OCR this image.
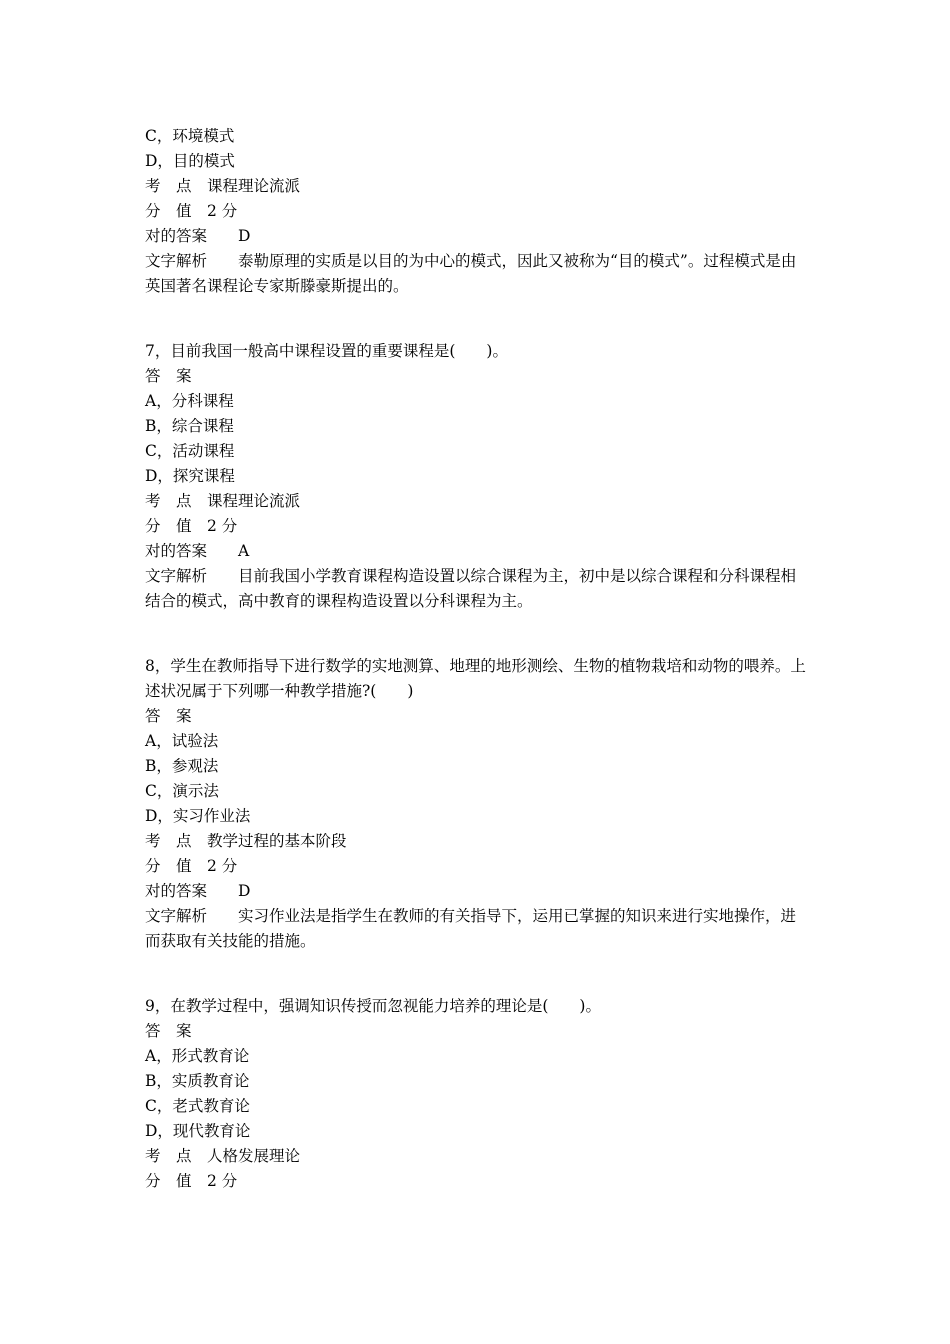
C，环境模式
D，目的模式
考　点　课程理论流派
分　值　2 分
对的答案　　D
文字解析　　泰勒原理的实质是以目的为中心的模式，因此又被称为“目的模式”。过程模式是由英国著名课程论专家斯滕豪斯提出的。
7，目前我国一般高中课程设置的重要课程是(　　)。
答　案
A，分科课程
B，综合课程
C，活动课程
D，探究课程
考　点　课程理论流派
分　值　2 分
对的答案　　A
文字解析　　目前我国小学教育课程构造设置以综合课程为主，初中是以综合课程和分科课程相结合的模式，高中教育的课程构造设置以分科课程为主。
8，学生在教师指导下进行数学的实地测算、地理的地形测绘、生物的植物栽培和动物的喂养。上述状况属于下列哪一种教学措施?(　　)
答　案
A，试验法
B，参观法
C，演示法
D，实习作业法
考　点　教学过程的基本阶段
分　值　2 分
对的答案　　D
文字解析　　实习作业法是指学生在教师的有关指导下，运用已掌握的知识来进行实地操作，进而获取有关技能的措施。
9，在教学过程中，强调知识传授而忽视能力培养的理论是(　　)。
答　案
A，形式教育论
B，实质教育论
C，老式教育论
D，现代教育论
考　点　人格发展理论
分　值　2 分
